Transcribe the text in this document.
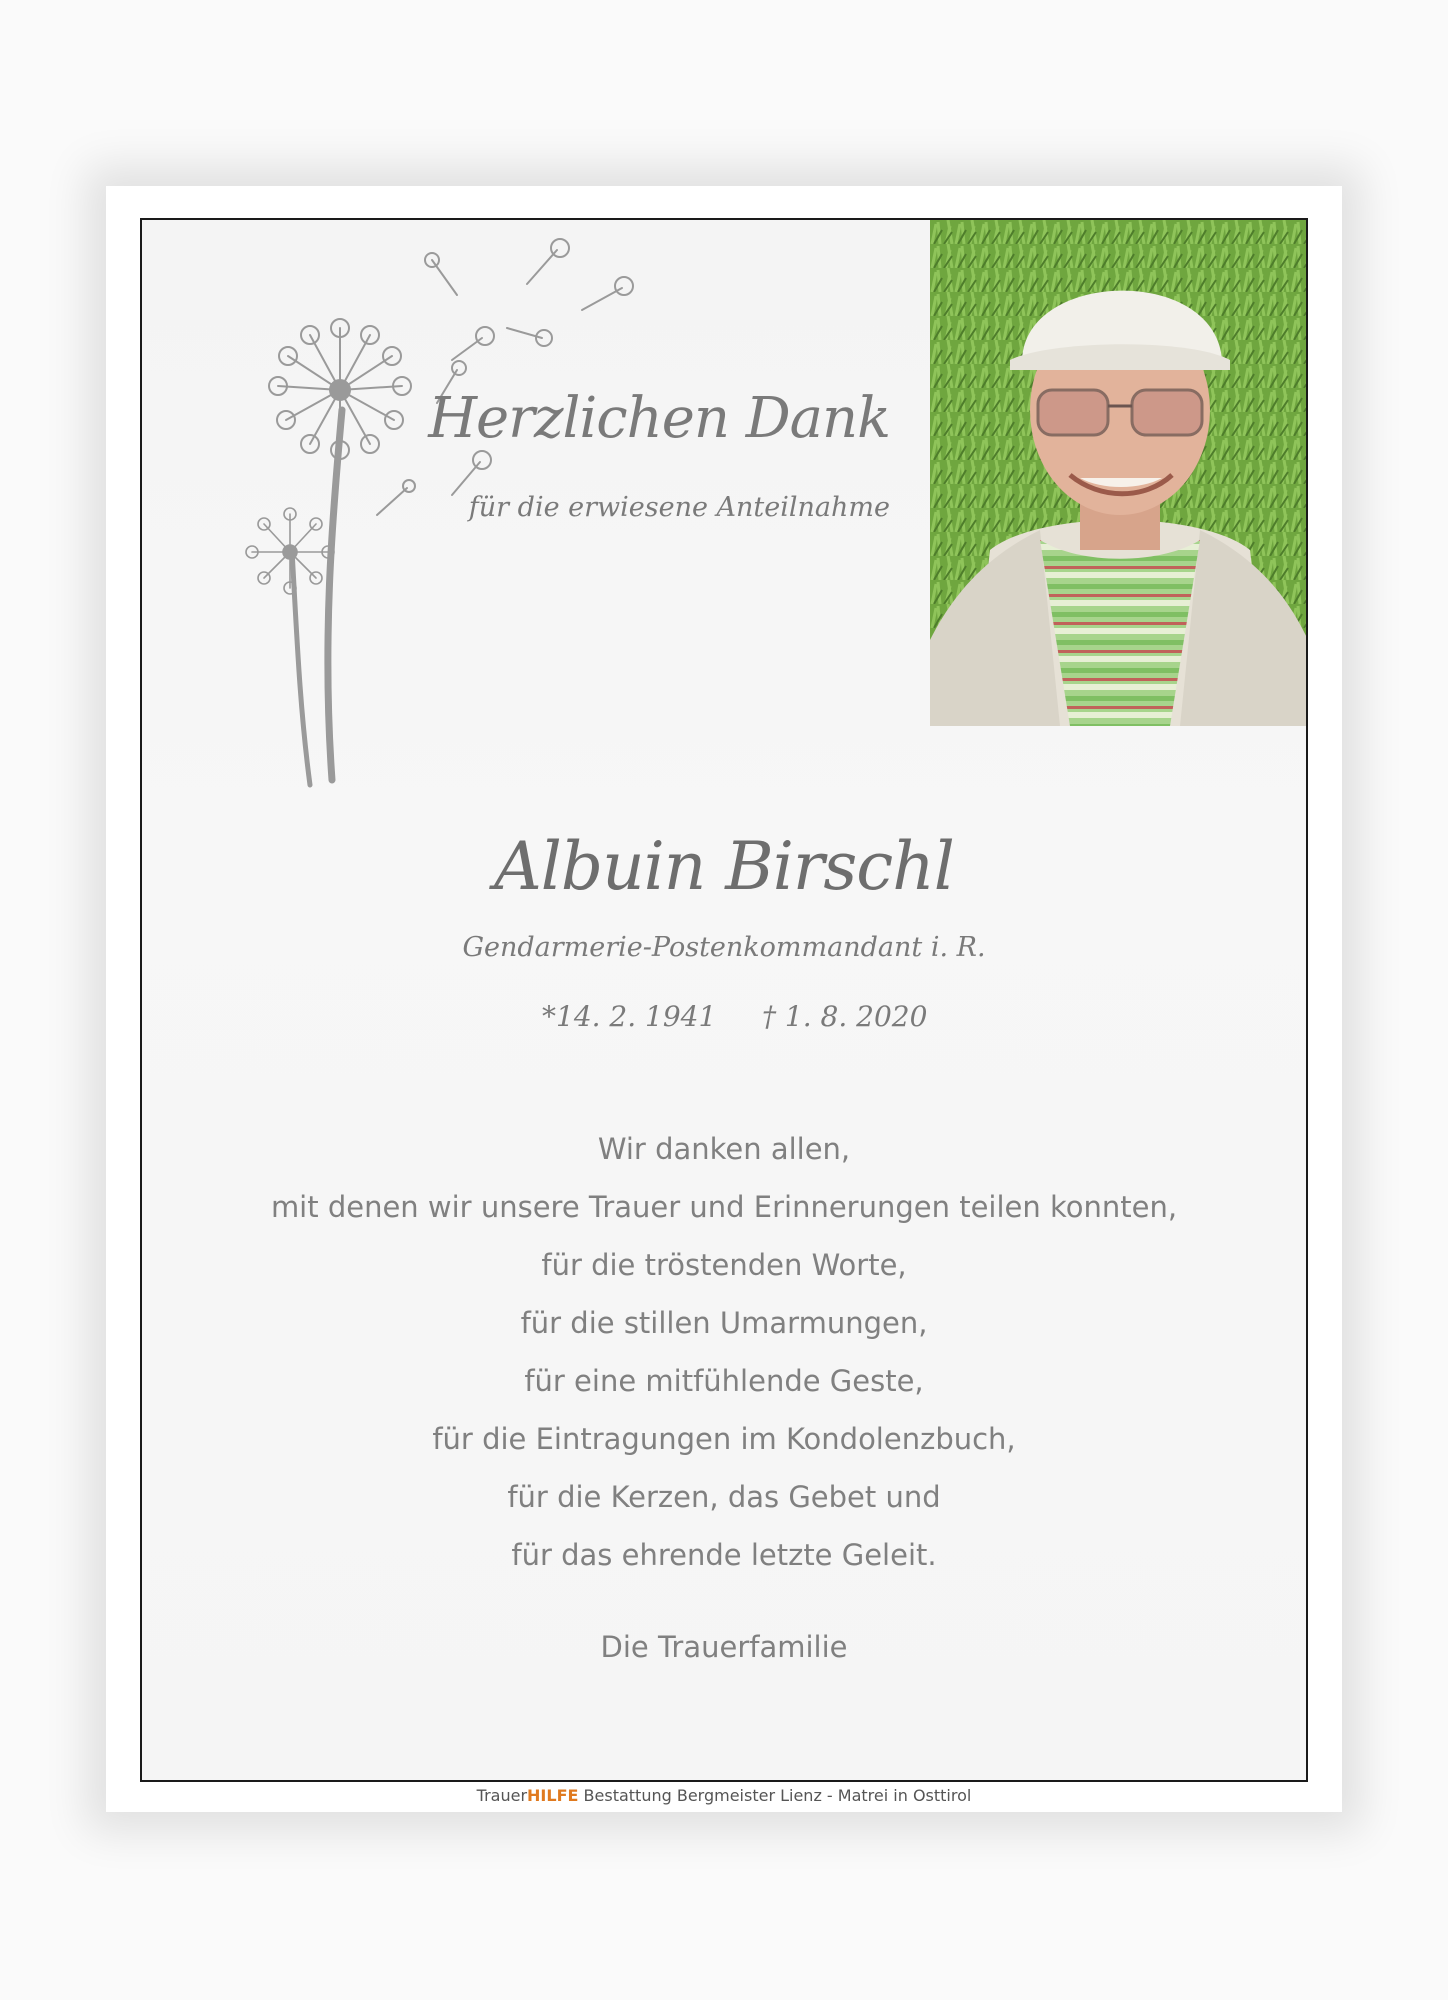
Herzlichen Dank
für die erwiesene Anteilnahme
Albuin Birschl
Gendarmerie-Postenkommandant i. R.
*14. 2. 1941 † 1. 8. 2020
Wir danken allen,
mit denen wir unsere Trauer und Erinnerungen teilen konnten,
für die tröstenden Worte,
für die stillen Umarmungen,
für eine mitfühlende Geste,
für die Eintragungen im Kondolenzbuch,
für die Kerzen, das Gebet und
für das ehrende letzte Geleit.
Die Trauerfamilie
TrauerHILFE Bestattung Bergmeister Lienz - Matrei in Osttirol
